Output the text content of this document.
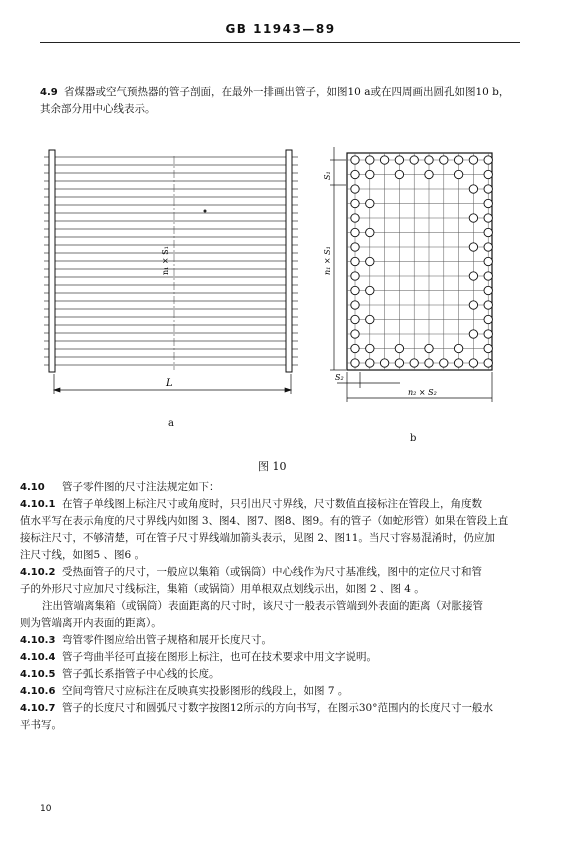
GB 11943—89
4.9 省煤器或空气预热器的管子剖面，在最外一排画出管子，如图10 a或在四周画出圆孔如图10 b，
其余部分用中心线表示。
n₁ × S₁
L
S₁
n₁ × S₁
S₂
n₂ × S₂
a
b
图 10
4.10 管子零件图的尺寸注法规定如下：
4.10.1 在管子单线图上标注尺寸或角度时，只引出尺寸界线，尺寸数值直接标注在管段上，角度数
值水平写在表示角度的尺寸界线内如图 3、图4、图7、图8、图9。有的管子（如蛇形管）如果在管段上直
接标注尺寸，不够清楚，可在管子尺寸界线端加箭头表示，见图 2、图11。当尺寸容易混淆时，仍应加
注尺寸线，如图5 、图6 。
4.10.2 受热面管子的尺寸，一般应以集箱（或锅筒）中心线作为尺寸基准线，图中的定位尺寸和管
子的外形尺寸应加尺寸线标注，集箱（或锅筒）用单根双点划线示出，如图 2 、图 4 。
注出管端离集箱（或锅筒）表面距离的尺寸时，该尺寸一般表示管端到外表面的距离（对胀接管
则为管端离开内表面的距离）。
4.10.3 弯管零件图应给出管子规格和展开长度尺寸。
4.10.4 管子弯曲半径可直接在图形上标注，也可在技术要求中用文字说明。
4.10.5 管子弧长系指管子中心线的长度。
4.10.6 空间弯管尺寸应标注在反映真实投影图形的线段上，如图 7 。
4.10.7 管子的长度尺寸和圆弧尺寸数字按图12所示的方向书写，在图示30°范围内的长度尺寸一般水
平书写。
10
